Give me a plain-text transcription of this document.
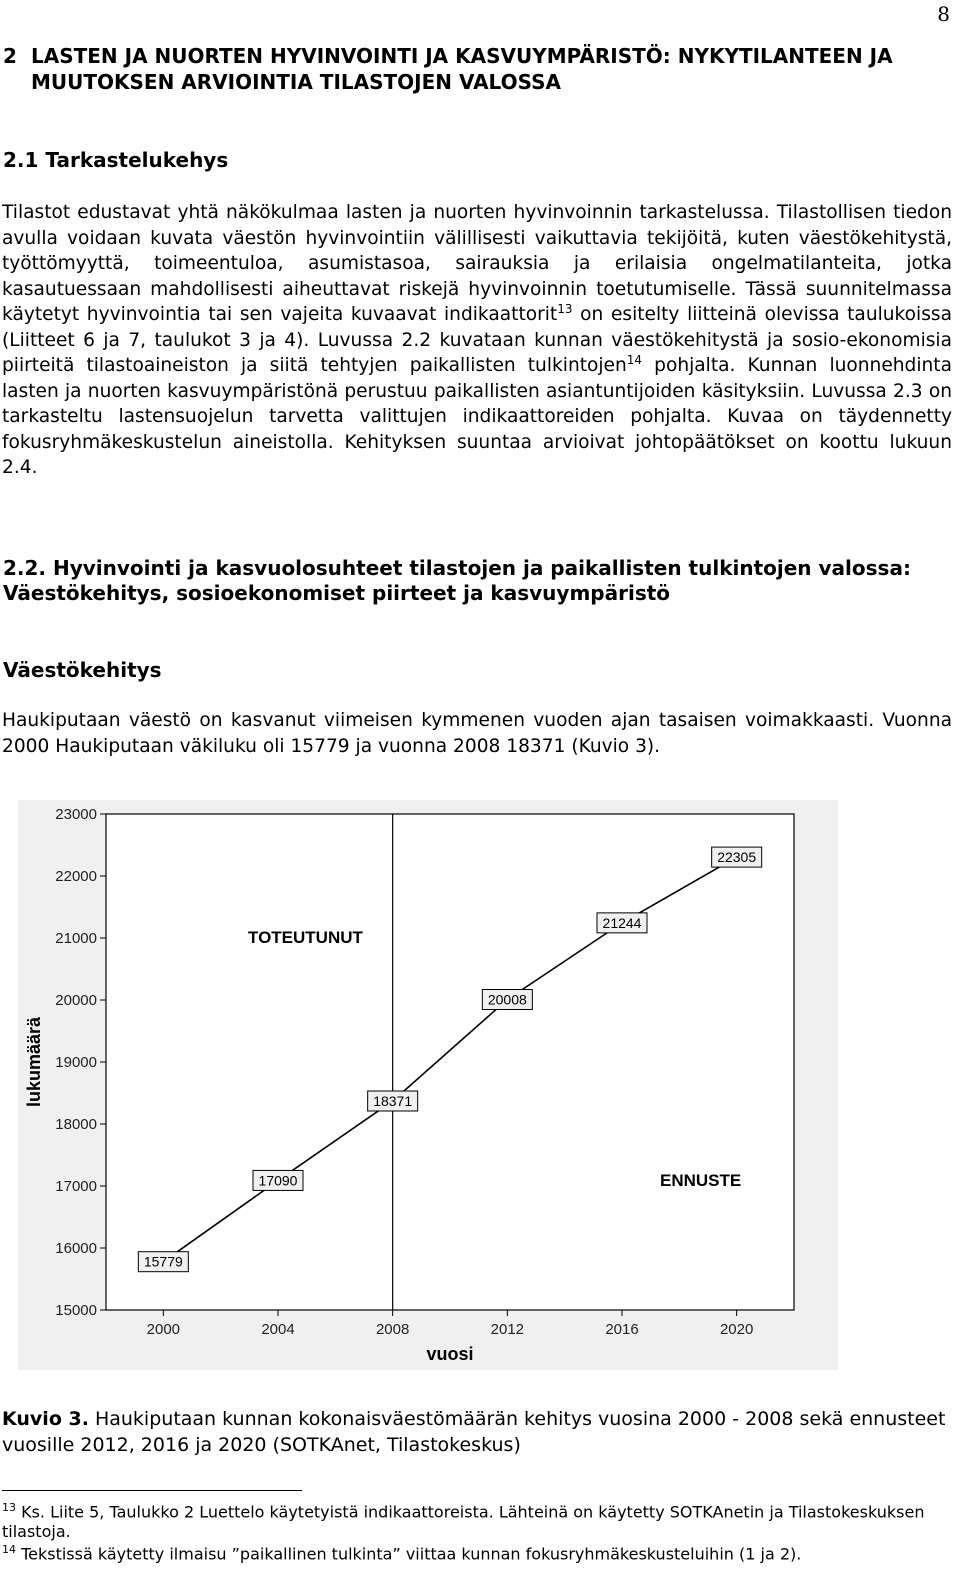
8
2 LASTEN JA NUORTEN HYVINVOINTI JA KASVUYMPÄRISTÖ: NYKYTILANTEEN JA MUUTOKSEN ARVIOINTIA TILASTOJEN VALOSSA
2.1 Tarkastelukehys
Tilastot edustavat yhtä näkökulmaa lasten ja nuorten hyvinvoinnin tarkastelussa. Tilastollisen tiedon avulla voidaan kuvata väestön hyvinvointiin välillisesti vaikuttavia tekijöitä, kuten väestökehitystä, työttömyyttä, toimeentuloa, asumistasoa, sairauksia ja erilaisia ongelmatilanteita, jotka kasautuessaan mahdollisesti aiheuttavat riskejä hyvinvoinnin toetutumiselle. Tässä suunnitelmassa käytetyt hyvinvointia tai sen vajeita kuvaavat indikaattorit$^{13}$ on esitelty liitteinä olevissa taulukoissa (Liitteet 6 ja 7, taulukot 3 ja 4). Luvussa 2.2 kuvataan kunnan väestökehitystä ja sosio-ekonomisia piirteitä tilastoaineiston ja siitä tehtyjen paikallisten tulkintojen$^{14}$ pohjalta. Kunnan luonnehdinta lasten ja nuorten kasvuympäristönä perustuu paikallisten asiantuntijoiden käsityksiin. Luvussa 2.3 on tarkasteltu lastensuojelun tarvetta valittujen indikaattoreiden pohjalta. Kuvaa on täydennetty fokusryhmäkeskustelun aineistolla. Kehityksen suuntaa arvioivat johtopäätökset on koottu lukuun 2.4.
2.2. Hyvinvointi ja kasvuolosuhteet tilastojen ja paikallisten tulkintojen valossa: Väestökehitys, sosioekonomiset piirteet ja kasvuympäristö
Väestökehitys
Haukiputaan väestö on kasvanut viimeisen kymmenen vuoden ajan tasaisen voimakkaasti. Vuonna 2000 Haukiputaan väkiluku oli 15779 ja vuonna 2008 18371 (Kuvio 3).
15000
16000
17000
18000
19000
20000
21000
22000
23000
2000	2004	2008	2012	2016	2020
15779
17090
18371
20008
21244
22305
lukumäärä
vuosi
TOTEUTUNUT
ENNUSTE
Kuvio 3. Haukiputaan kunnan kokonaisväestömäärän kehitys vuosina 2000 - 2008 sekä ennusteet vuosille 2012, 2016 ja 2020 (SOTKAnet, Tilastokeskus)
$^{13}$ Ks. Liite 5, Taulukko 2 Luettelo käytetyistä indikaattoreista. Lähteinä on käytetty SOTKAnetin ja Tilastokeskuksen tilastoja.
$^{14}$ Tekstissä käytetty ilmaisu ”paikallinen tulkinta” viittaa kunnan fokusryhmäkeskusteluihin (1 ja 2).
